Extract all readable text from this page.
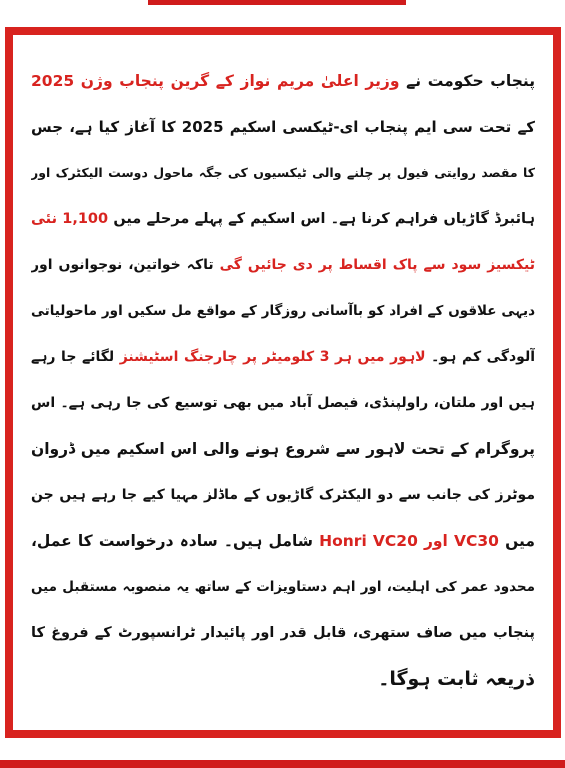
پنجاب حکومت نے وزیر اعلیٰ مریم نواز کے گرین پنجاب وژن 2025
کے تحت سی ایم پنجاب ای-ٹیکسی اسکیم 2025 کا آغاز کیا ہے، جس
کا مقصد روایتی فیول پر چلنے والی ٹیکسیوں کی جگہ ماحول دوست الیکٹرک اور
ہائبرڈ گاڑیاں فراہم کرنا ہے۔ اس اسکیم کے پہلے مرحلے میں 1,100 نئی
ٹیکسیز سود سے پاک اقساط پر دی جائیں گی تاکہ خواتین، نوجوانوں اور
دیہی علاقوں کے افراد کو باآسانی روزگار کے مواقع مل سکیں اور ماحولیاتی
آلودگی کم ہو۔ لاہور میں ہر 3 کلومیٹر پر چارجنگ اسٹیشنز لگائے جا رہے
ہیں اور ملتان، راولپنڈی، فیصل آباد میں بھی توسیع کی جا رہی ہے۔ اس
پروگرام کے تحت لاہور سے شروع ہونے والی اس اسکیم میں ڈروان
موٹرز کی جانب سے دو الیکٹرک گاڑیوں کے ماڈلز مہیا کیے جا رہے ہیں جن
میں Honri VC20 اور VC30 شامل ہیں۔ سادہ درخواست کا عمل،
محدود عمر کی اہلیت، اور اہم دستاویزات کے ساتھ یہ منصوبہ مستقبل میں
پنجاب میں صاف ستھری، قابل قدر اور پائیدار ٹرانسپورٹ کے فروغ کا
ذریعہ ثابت ہوگا۔
